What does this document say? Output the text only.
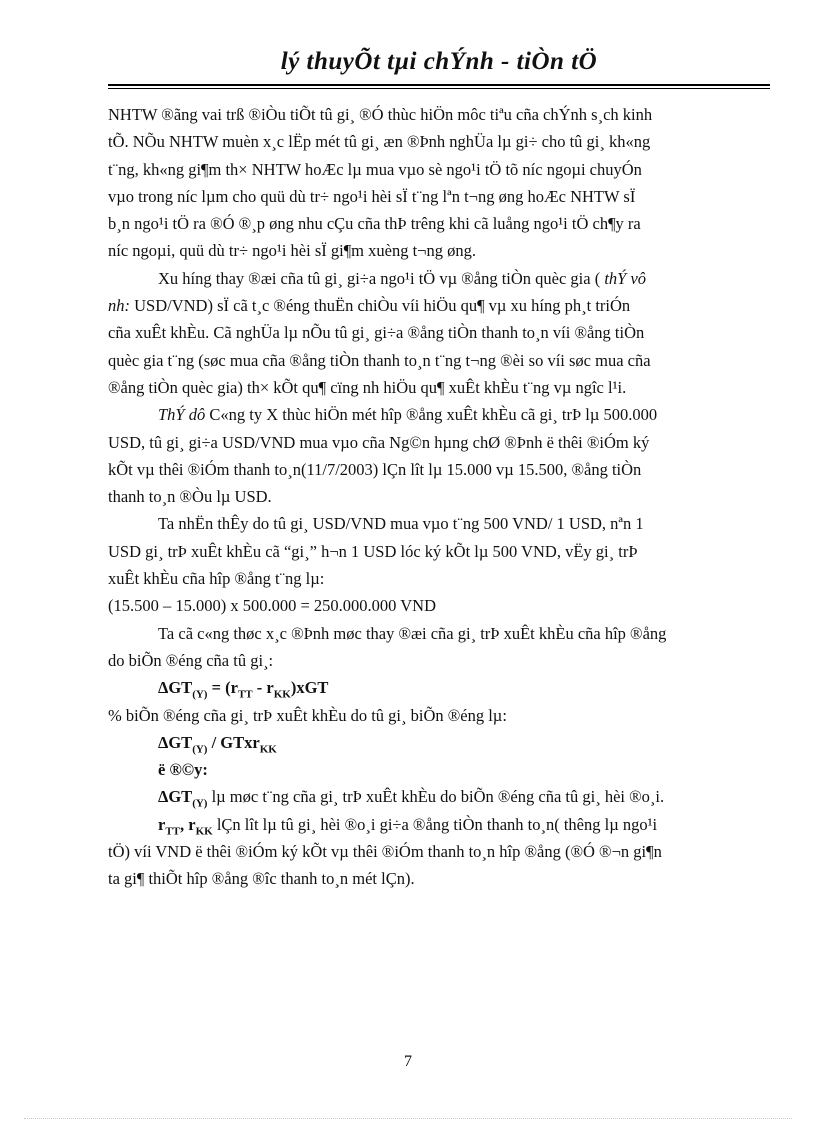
lý thuyÕt tµi chÝnh - tiÒn tÖ
NHTW ®ãng vai trß ®iÒu tiÕt tû gi¸ ®Ó thùc hiÖn môc tiªu cña chÝnh s¸ch kinh
tÕ. NÕu NHTW muèn x¸c lËp mét tû gi¸ æn ®Þnh nghÜa lµ gi÷ cho tû gi¸ kh«ng
t¨ng, kh«ng gi¶m th× NHTW hoÆc lµ mua vµo sè ngo¹i tÖ tõ níc ngoµi chuyÓn
vµo trong níc lµm cho quü dù tr÷ ngo¹i hèi sÏ t¨ng lªn t¬ng øng hoÆc NHTW sÏ
b¸n ngo¹i tÖ ra ®Ó ®¸p øng nhu cÇu cña thÞ trêng khi cã luång ngo¹i tÖ ch¶y ra
níc ngoµi, quü dù tr÷ ngo¹i hèi sÏ gi¶m xuèng t¬ng øng.
Xu híng thay ®æi cña tû gi¸ gi÷a ngo¹i tÖ vµ ®ång tiÒn quèc gia ( thÝ vô
nh: USD/VND) sÏ cã t¸c ®éng thuËn chiÒu víi hiÖu qu¶ vµ xu híng ph¸t triÓn
cña xuÊt khÈu. Cã nghÜa lµ nÕu tû gi¸ gi÷a ®ång tiÒn thanh to¸n víi ®ång tiÒn
quèc gia t¨ng (søc mua cña ®ång tiÒn thanh to¸n t¨ng t¬ng ®èi so víi søc mua cña
®ång tiÒn quèc gia) th× kÕt qu¶ cïng nh hiÖu qu¶ xuÊt khÈu t¨ng vµ ngîc l¹i.
ThÝ dô C«ng ty X thùc hiÖn mét hîp ®ång xuÊt khÈu cã gi¸ trÞ lµ 500.000
USD, tû gi¸ gi÷a USD/VND mua vµo cña Ng©n hµng chØ ®Þnh ë thêi ®iÓm ký
kÕt vµ thêi ®iÓm thanh to¸n(11/7/2003) lÇn lît lµ 15.000 vµ 15.500, ®ång tiÒn
thanh to¸n ®Òu lµ USD.
Ta nhËn thÊy do tû gi¸ USD/VND mua vµo t¨ng 500 VND/ 1 USD, nªn 1
USD gi¸ trÞ xuÊt khÈu cã “gi¸” h¬n 1 USD lóc ký kÕt lµ 500 VND, vËy gi¸ trÞ
xuÊt khÈu cña hîp ®ång t¨ng lµ:
(15.500 – 15.000) x 500.000 = 250.000.000 VND
Ta cã c«ng thøc x¸c ®Þnh møc thay ®æi cña gi¸ trÞ xuÊt khÈu cña hîp ®ång
do biÕn ®éng cña tû gi¸:
$\Delta GT_{(Y)} = (r_{TT} - r_{KK})xGT$
% biÕn ®éng cña gi¸ trÞ xuÊt khÈu do tû gi¸ biÕn ®éng lµ:
$\Delta GT_{(Y)}$ / GTxr$_{KK}$
ë ®©y:
$\Delta GT_{(Y)}$ lµ møc t¨ng cña gi¸ trÞ xuÊt khÈu do biÕn ®éng cña tû gi¸ hèi ®o¸i.
$r_{TT}$, $r_{KK}$ lÇn lît lµ tû gi¸ hèi ®o¸i gi÷a ®ång tiÒn thanh to¸n( thêng lµ ngo¹i
tÖ) víi VND ë thêi ®iÓm ký kÕt vµ thêi ®iÓm thanh to¸n hîp ®ång (®Ó ®¬n gi¶n
ta gi¶ thiÕt hîp ®ång ®îc thanh to¸n mét lÇn).
7
